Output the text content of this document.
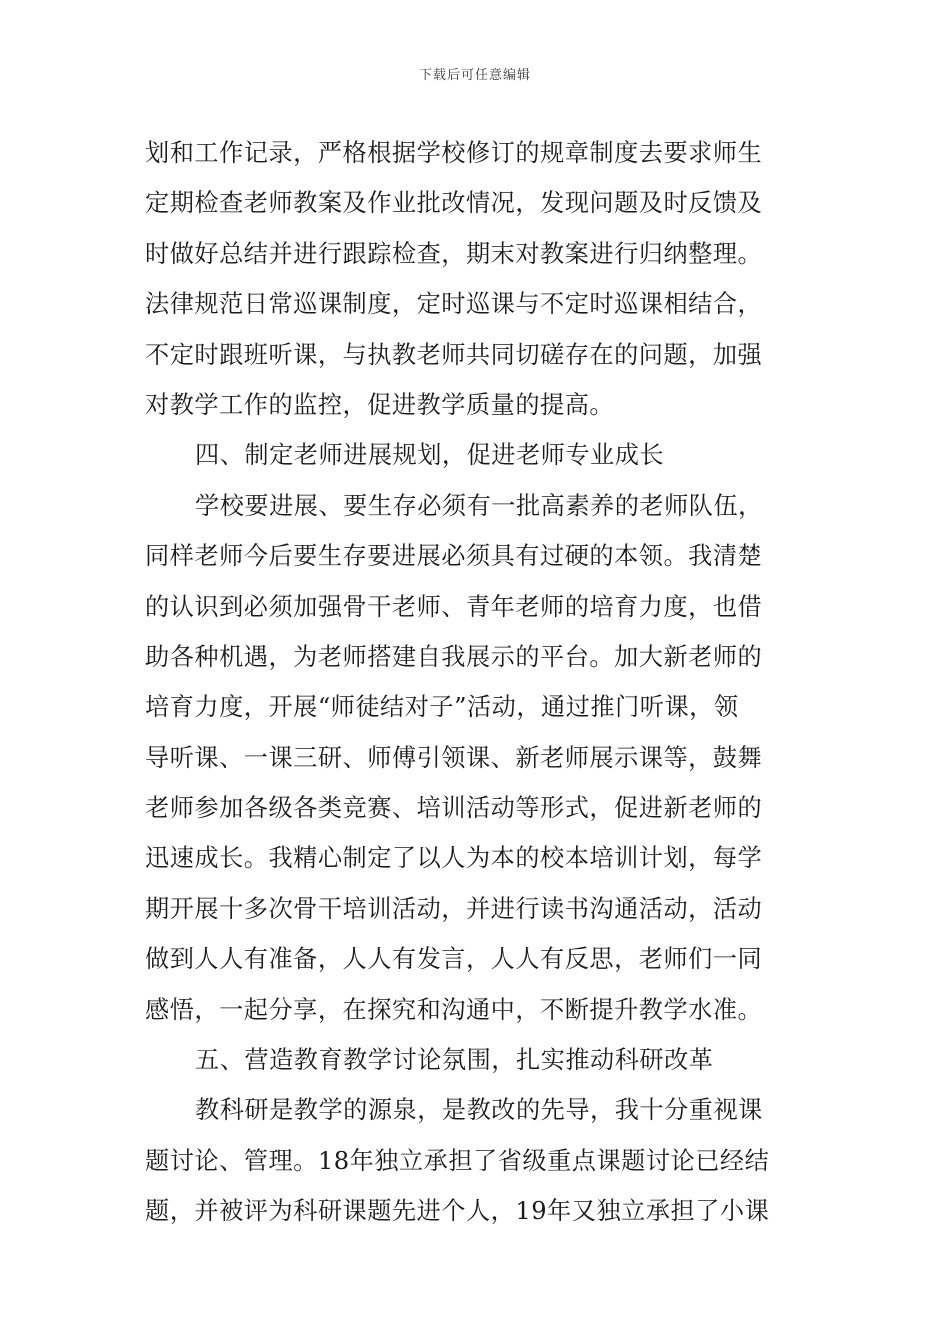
下载后可任意编辑
划和工作记录，严格根据学校修订的规章制度去要求师生
定期检查老师教案及作业批改情况，发现问题及时反馈及
时做好总结并进行跟踪检查，期末对教案进行归纳整理。
法律规范日常巡课制度，定时巡课与不定时巡课相结合，
不定时跟班听课，与执教老师共同切磋存在的问题，加强
对教学工作的监控，促进教学质量的提高。
四、制定老师进展规划，促进老师专业成长
学校要进展、要生存必须有一批高素养的老师队伍，
同样老师今后要生存要进展必须具有过硬的本领。我清楚
的认识到必须加强骨干老师、青年老师的培育力度，也借
助各种机遇，为老师搭建自我展示的平台。加大新老师的
培育力度，开展“师徒结对子”活动，通过推门听课，领
导听课、一课三研、师傅引领课、新老师展示课等，鼓舞
老师参加各级各类竞赛、培训活动等形式，促进新老师的
迅速成长。我精心制定了以人为本的校本培训计划，每学
期开展十多次骨干培训活动，并进行读书沟通活动，活动
做到人人有准备，人人有发言，人人有反思，老师们一同
感悟，一起分享，在探究和沟通中，不断提升教学水准。
五、营造教育教学讨论氛围，扎实推动科研改革
教科研是教学的源泉，是教改的先导，我十分重视课
题讨论、管理。18年独立承担了省级重点课题讨论已经结
题，并被评为科研课题先进个人，19年又独立承担了小课
